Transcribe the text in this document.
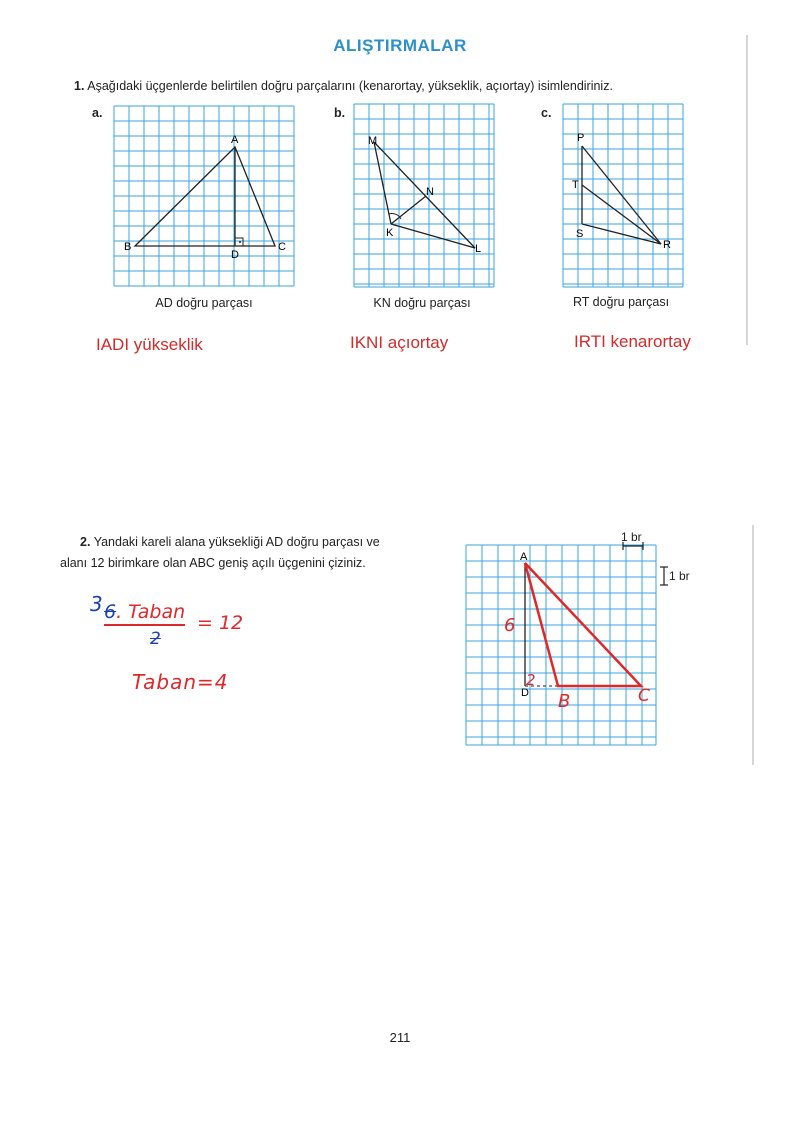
ALIŞTIRMALAR
1. Aşağıdaki üçgenlerde belirtilen doğru parçalarını (kenarortay, yükseklik, açıortay) isimlendiriniz.
a.	b.	c.
A
B	C
D
M
N
K
L
P
T
S
R
AD doğru parçası	KN doğru parçası	RT doğru parçası
IADI yükseklik	IKNI açıortay	IRTI kenarortay
2. Yandaki kareli alana yüksekliği AD doğru parçası ve
alanı 12 birimkare olan ABC geniş açılı üçgenini çiziniz.
3 6. Taban = 12
2
Taban=4
A
D
6
2
B	C
1 br
1 br
211
